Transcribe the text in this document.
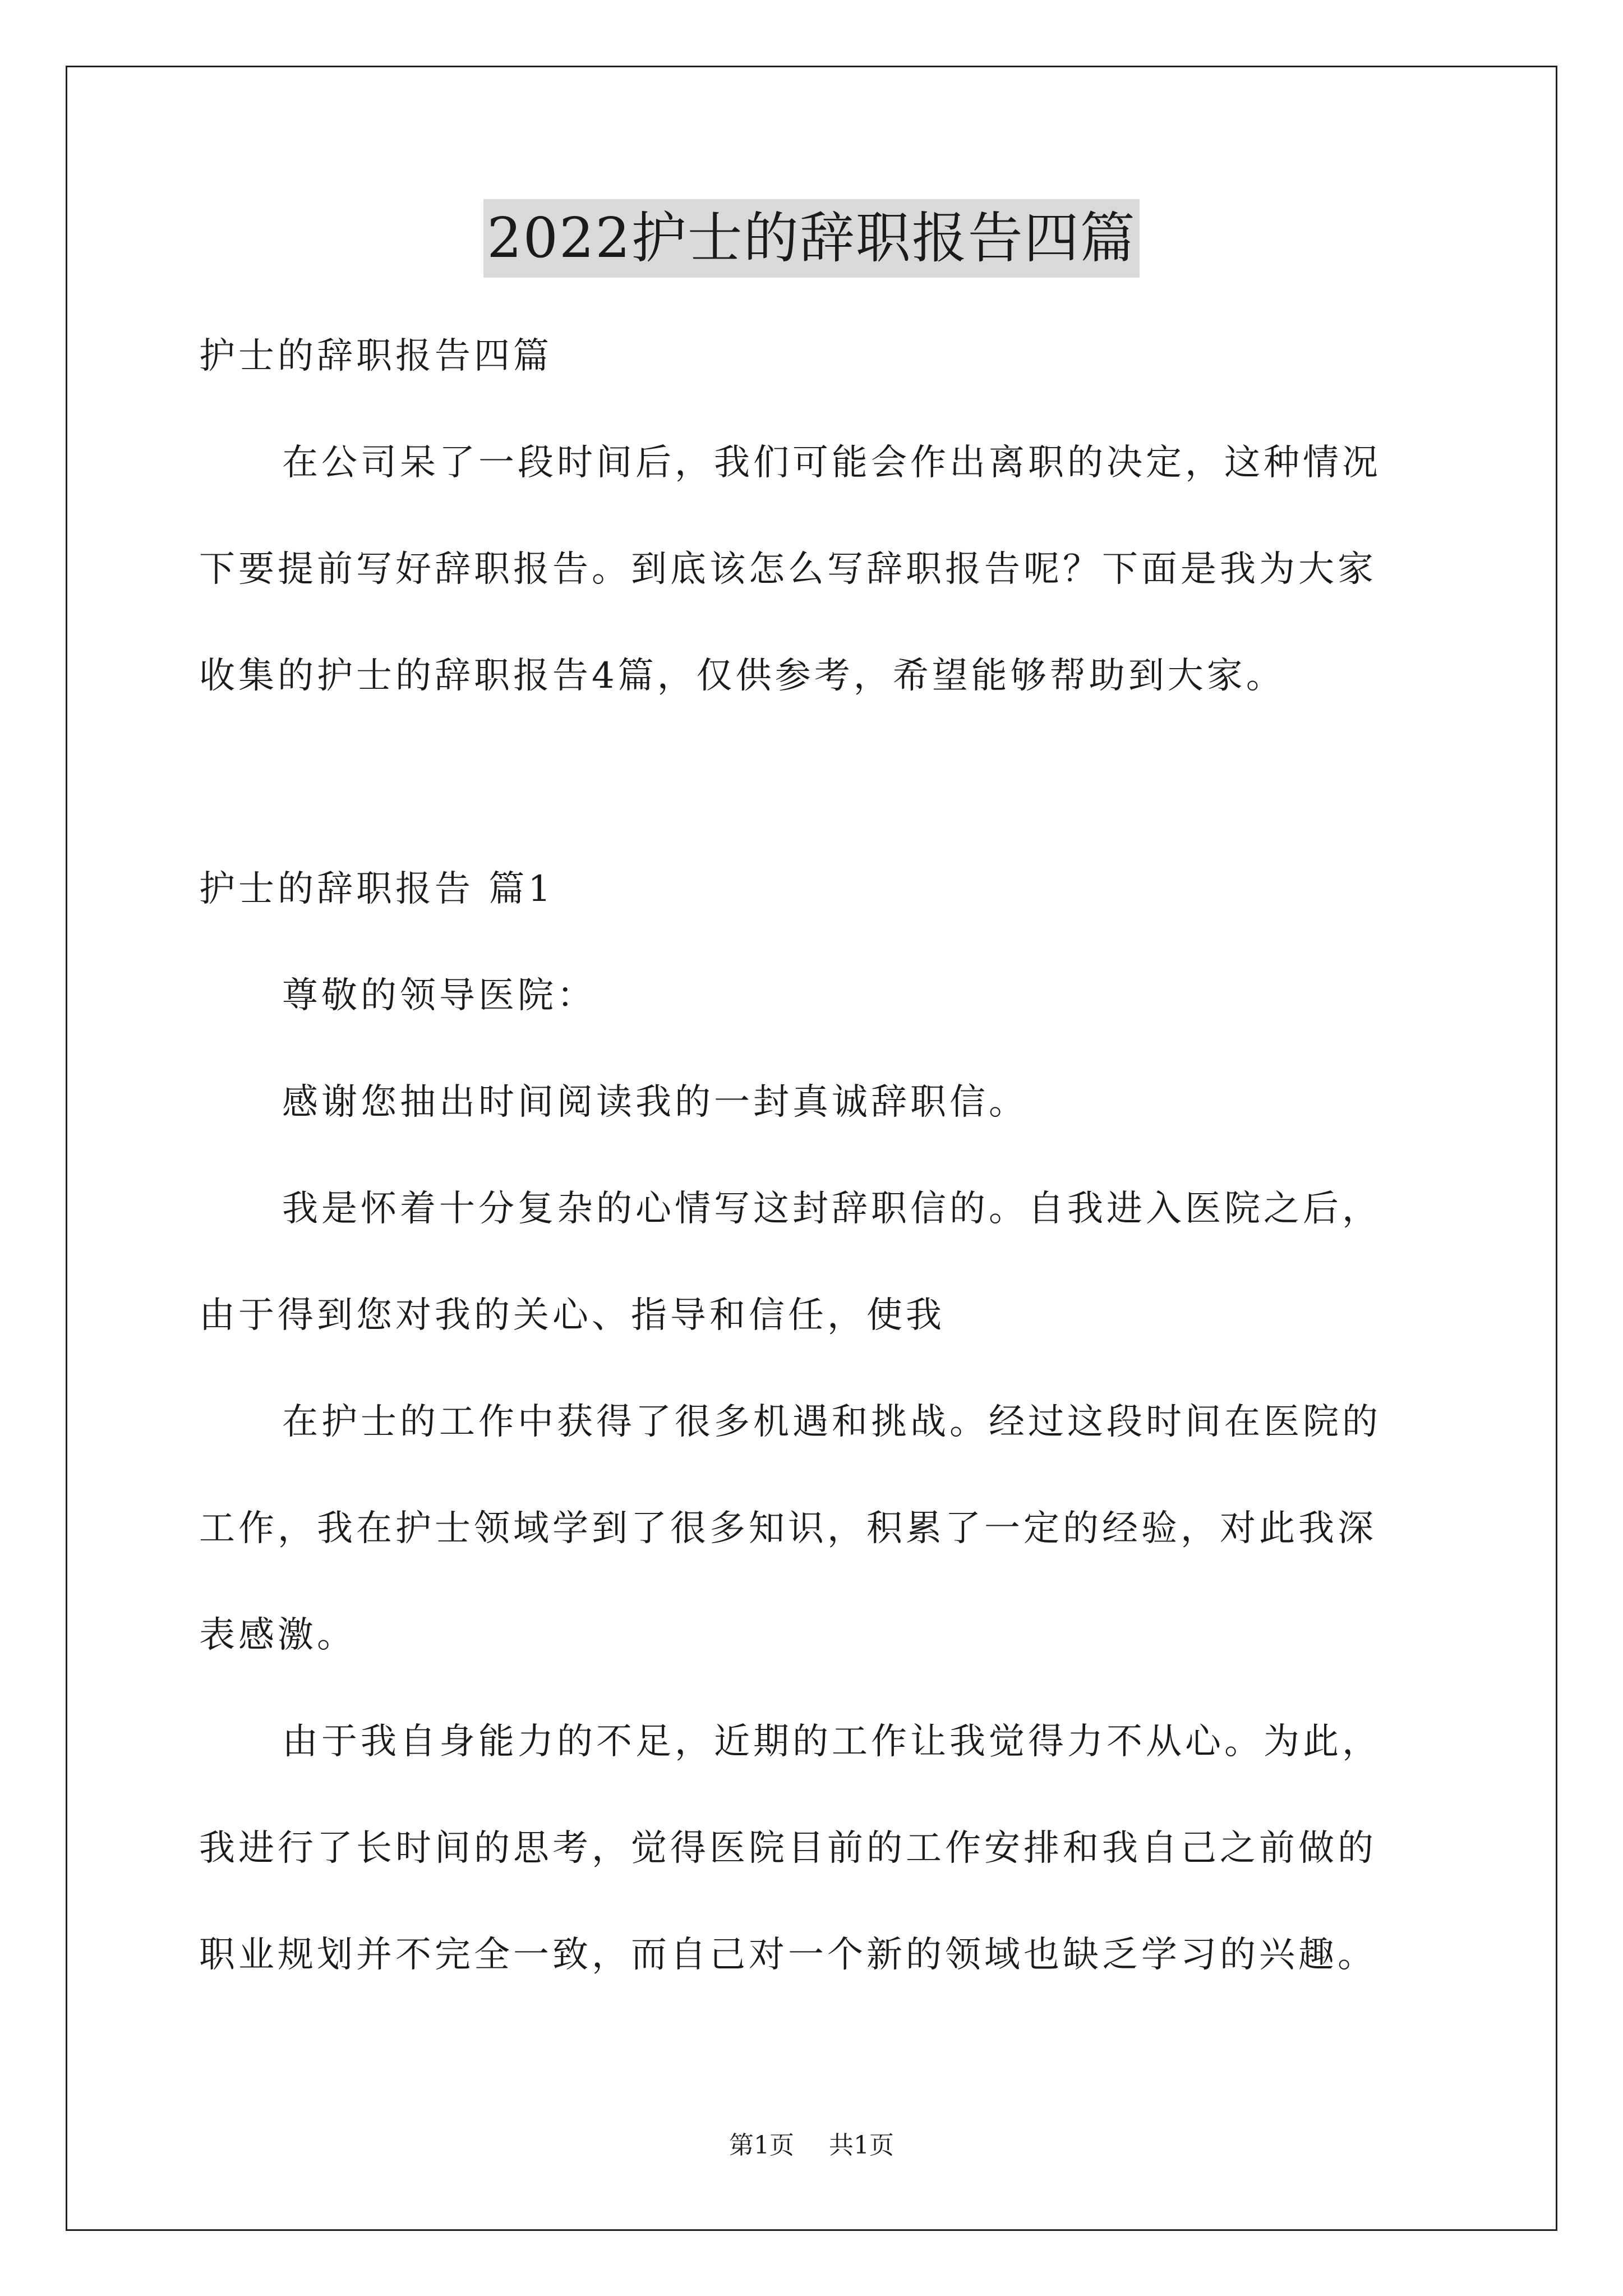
2022护士的辞职报告四篇
护士的辞职报告四篇
在公司呆了一段时间后，我们可能会作出离职的决定，这种情况
下要提前写好辞职报告。到底该怎么写辞职报告呢？下面是我为大家
收集的护士的辞职报告4篇，仅供参考，希望能够帮助到大家。
护士的辞职报告 篇1
尊敬的领导医院：
感谢您抽出时间阅读我的一封真诚辞职信。
我是怀着十分复杂的心情写这封辞职信的。自我进入医院之后，
由于得到您对我的关心、指导和信任，使我
在护士的工作中获得了很多机遇和挑战。经过这段时间在医院的
工作，我在护士领域学到了很多知识，积累了一定的经验，对此我深
表感激。
由于我自身能力的不足，近期的工作让我觉得力不从心。为此，
我进行了长时间的思考，觉得医院目前的工作安排和我自己之前做的
职业规划并不完全一致，而自己对一个新的领域也缺乏学习的兴趣。
第1页 共1页
